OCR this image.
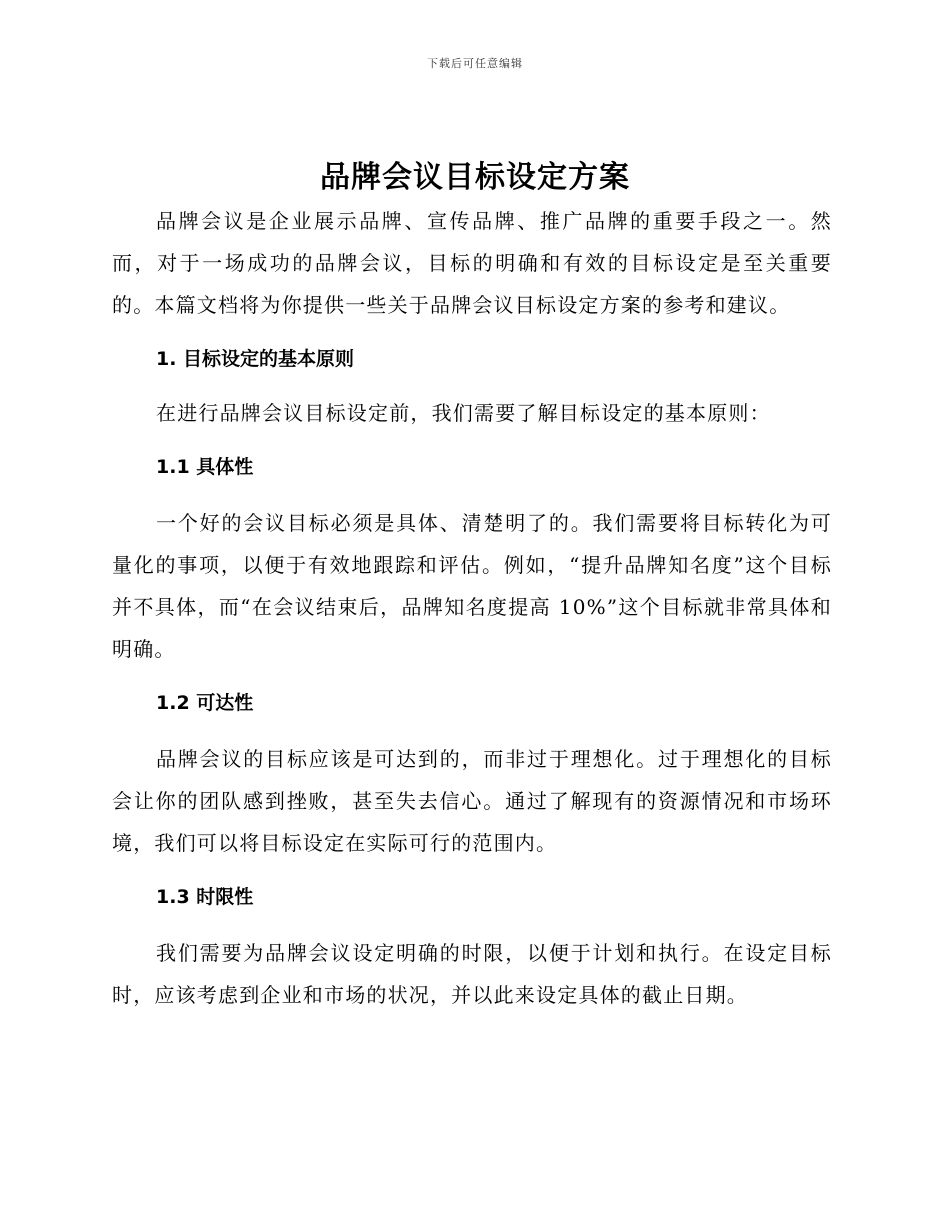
下载后可任意编辑
品牌会议目标设定方案

品牌会议是企业展示品牌、宣传品牌、推广品牌的重要手段之一。然而，对于一场成功的品牌会议，目标的明确和有效的目标设定是至关重要的。本篇文档将为你提供一些关于品牌会议目标设定方案的参考和建议。

1. 目标设定的基本原则

在进行品牌会议目标设定前，我们需要了解目标设定的基本原则：

1.1 具体性

一个好的会议目标必须是具体、清楚明了的。我们需要将目标转化为可量化的事项，以便于有效地跟踪和评估。例如，“提升品牌知名度”这个目标并不具体，而“在会议结束后，品牌知名度提高 10%”这个目标就非常具体和明确。

1.2 可达性

品牌会议的目标应该是可达到的，而非过于理想化。过于理想化的目标会让你的团队感到挫败，甚至失去信心。通过了解现有的资源情况和市场环境，我们可以将目标设定在实际可行的范围内。

1.3 时限性

我们需要为品牌会议设定明确的时限，以便于计划和执行。在设定目标时，应该考虑到企业和市场的状况，并以此来设定具体的截止日期。
